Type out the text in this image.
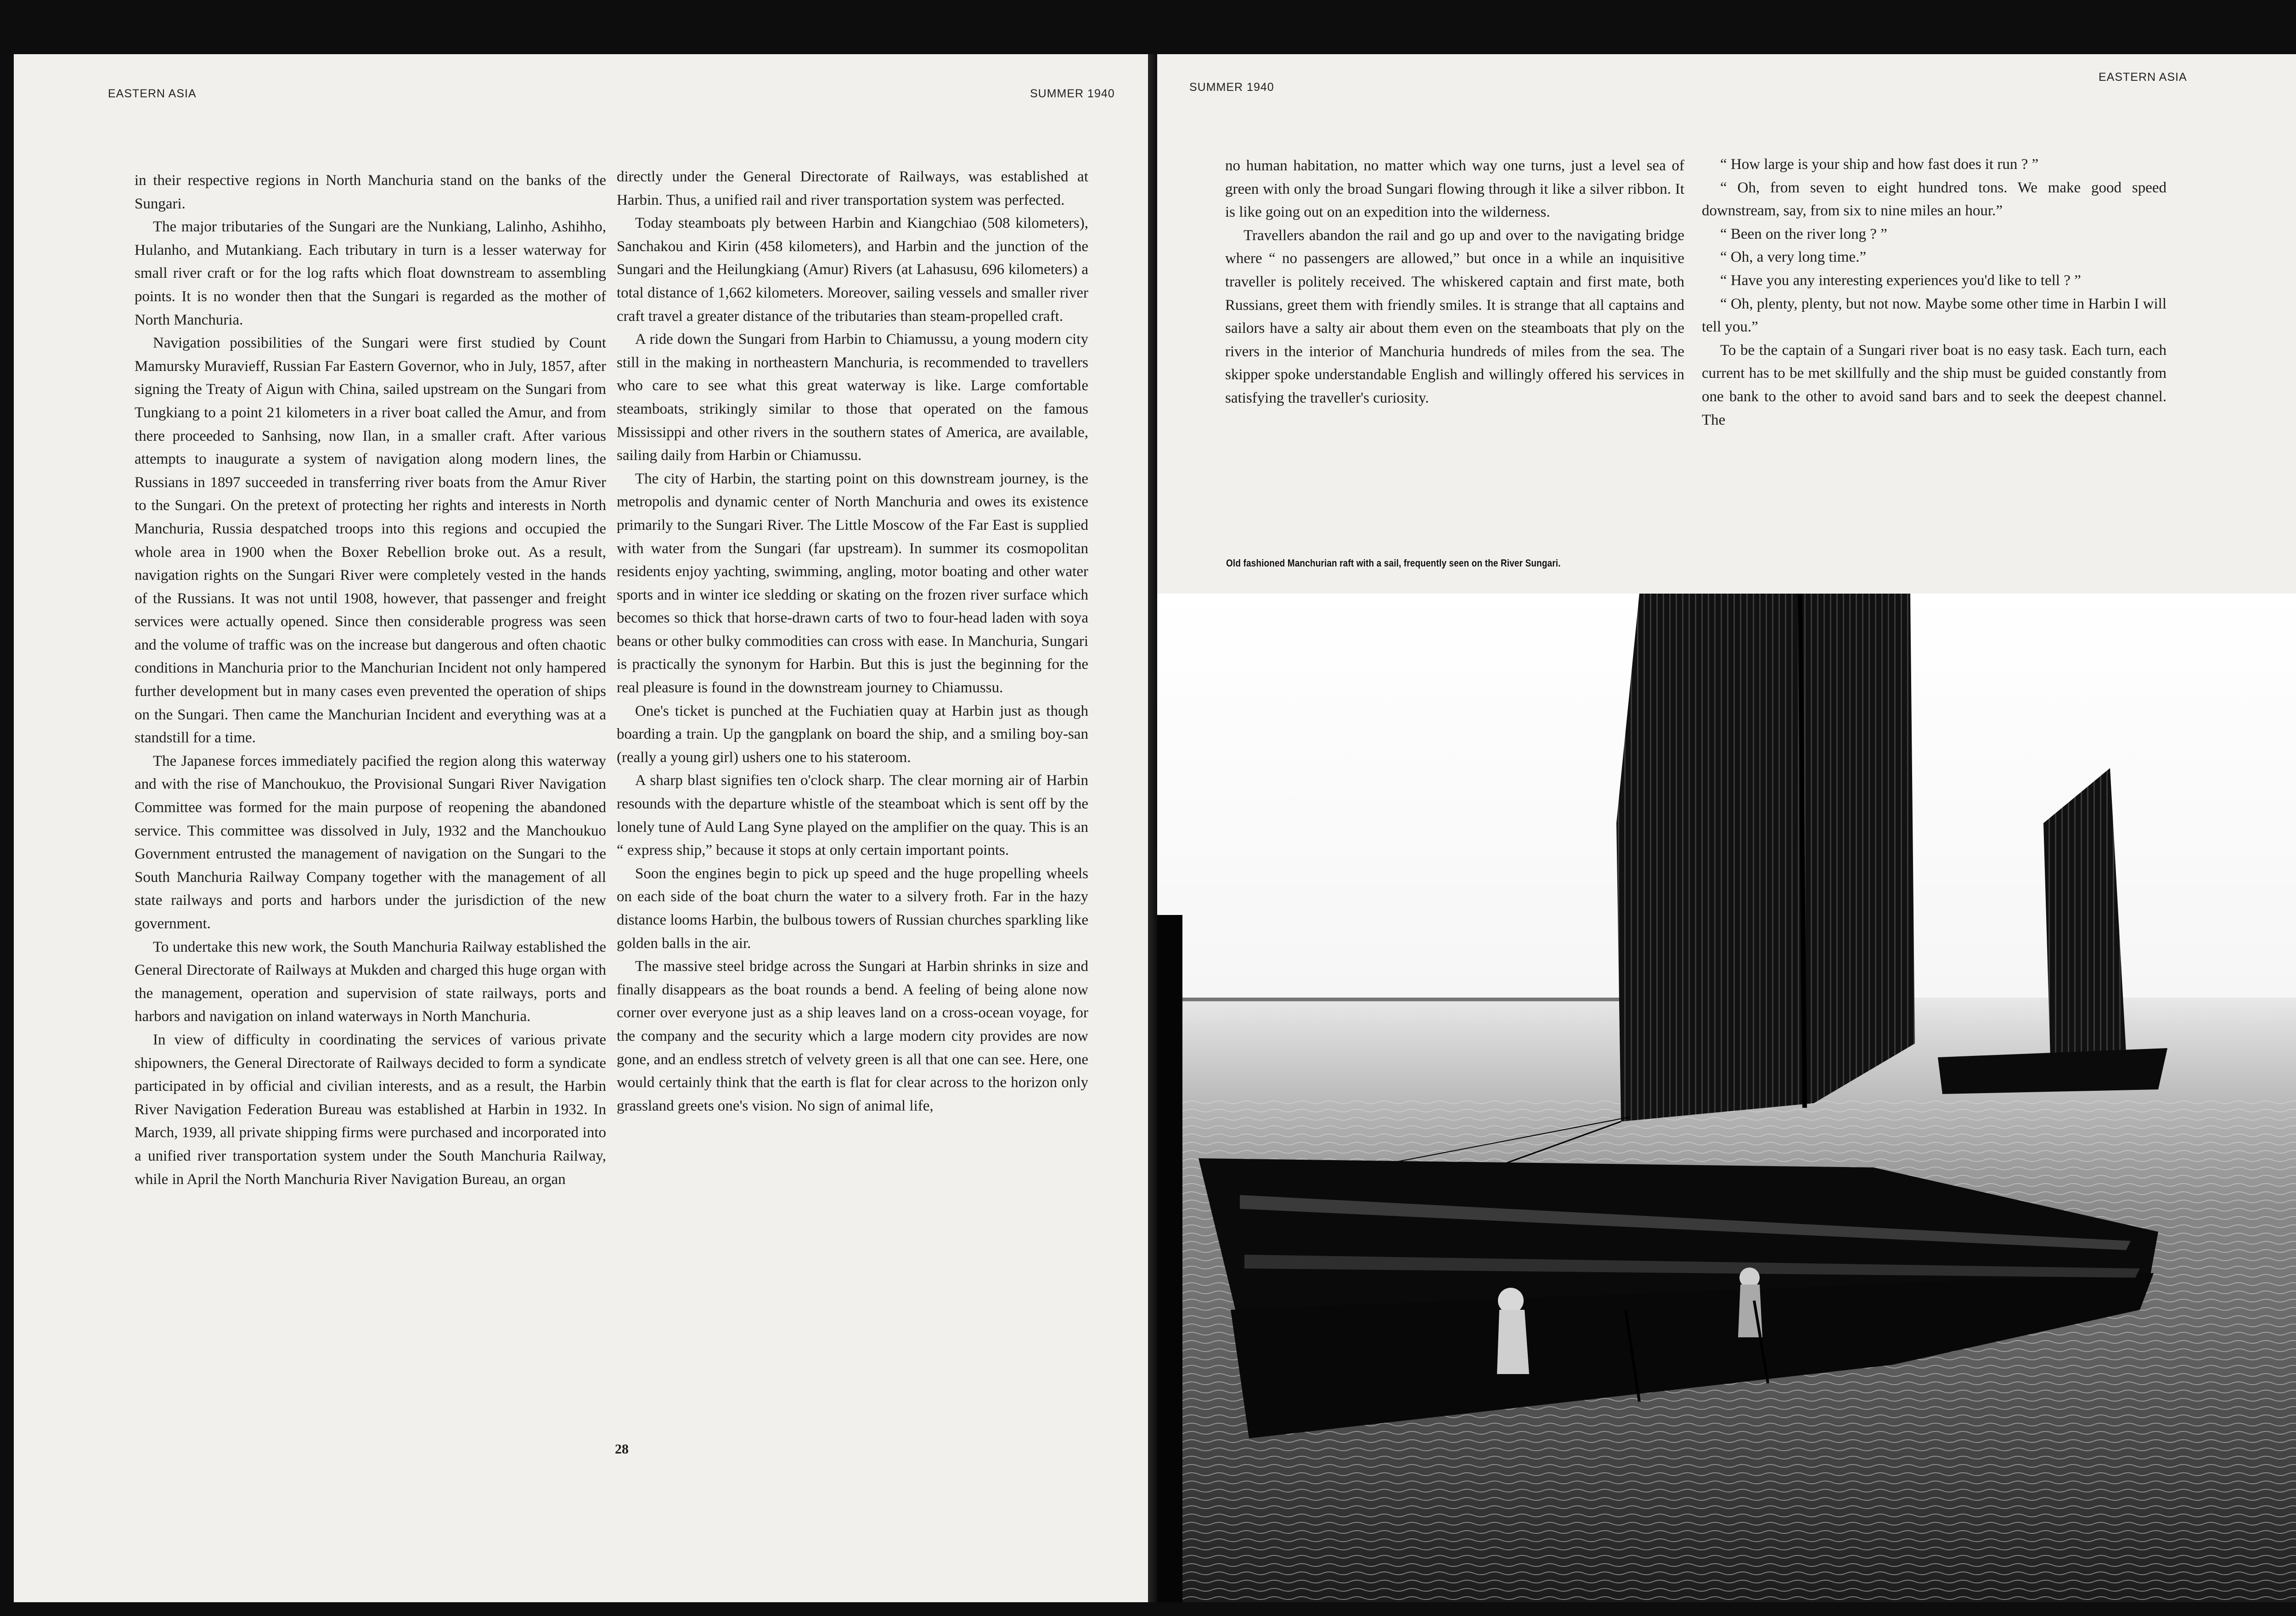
EASTERN ASIA	SUMMER 1940

in their respective regions in North Manchuria stand on the banks of the Sungari.

The major tributaries of the Sungari are the Nunkiang, Lalinho, Ashihho, Hulanho, and Mutankiang. Each tributary in turn is a lesser waterway for small river craft or for the log rafts which float downstream to assembling points. It is no wonder then that the Sungari is regarded as the mother of North Manchuria.

Navigation possibilities of the Sungari were first studied by Count Mamursky Muravieff, Russian Far Eastern Governor, who in July, 1857, after signing the Treaty of Aigun with China, sailed upstream on the Sungari from Tungkiang to a point 21 kilometers in a river boat called the Amur, and from there proceeded to Sanhsing, now Ilan, in a smaller craft. After various attempts to inaugurate a system of navigation along modern lines, the Russians in 1897 succeeded in transferring river boats from the Amur River to the Sungari. On the pretext of protecting her rights and interests in North Manchuria, Russia despatched troops into this regions and occupied the whole area in 1900 when the Boxer Rebellion broke out. As a result, navigation rights on the Sungari River were completely vested in the hands of the Russians. It was not until 1908, however, that passenger and freight services were actually opened. Since then considerable progress was seen and the volume of traffic was on the increase but dangerous and often chaotic conditions in Manchuria prior to the Manchurian Incident not only hampered further development but in many cases even prevented the operation of ships on the Sungari. Then came the Manchurian Incident and everything was at a standstill for a time.

The Japanese forces immediately pacified the region along this waterway and with the rise of Manchoukuo, the Provisional Sungari River Navigation Committee was formed for the main purpose of reopening the abandoned service. This committee was dissolved in July, 1932 and the Manchoukuo Government entrusted the management of navigation on the Sungari to the South Manchuria Railway Company together with the management of all state railways and ports and harbors under the jurisdiction of the new government.

To undertake this new work, the South Manchuria Railway established the General Directorate of Railways at Mukden and charged this huge organ with the management, operation and supervision of state railways, ports and harbors and navigation on inland waterways in North Manchuria.

In view of difficulty in coordinating the services of various private shipowners, the General Directorate of Railways decided to form a syndicate participated in by official and civilian interests, and as a result, the Harbin River Navigation Federation Bureau was established at Harbin in 1932. In March, 1939, all private shipping firms were purchased and incorporated into a unified river transportation system under the South Manchuria Railway, while in April the North Manchuria River Navigation Bureau, an organ

directly under the General Directorate of Railways, was established at Harbin. Thus, a unified rail and river transportation system was perfected.

Today steamboats ply between Harbin and Kiangchiao (508 kilometers), Sanchakou and Kirin (458 kilometers), and Harbin and the junction of the Sungari and the Heilungkiang (Amur) Rivers (at Lahasusu, 696 kilometers) a total distance of 1,662 kilometers. Moreover, sailing vessels and smaller river craft travel a greater distance of the tributaries than steam-propelled craft.

A ride down the Sungari from Harbin to Chiamussu, a young modern city still in the making in northeastern Manchuria, is recommended to travellers who care to see what this great waterway is like. Large comfortable steamboats, strikingly similar to those that operated on the famous Mississippi and other rivers in the southern states of America, are available, sailing daily from Harbin or Chiamussu.

The city of Harbin, the starting point on this downstream journey, is the metropolis and dynamic center of North Manchuria and owes its existence primarily to the Sungari River. The Little Moscow of the Far East is supplied with water from the Sungari (far upstream). In summer its cosmopolitan residents enjoy yachting, swimming, angling, motor boating and other water sports and in winter ice sledding or skating on the frozen river surface which becomes so thick that horse-drawn carts of two to four-head laden with soya beans or other bulky commodities can cross with ease. In Manchuria, Sungari is practically the synonym for Harbin. But this is just the beginning for the real pleasure is found in the downstream journey to Chiamussu.

One's ticket is punched at the Fuchiatien quay at Harbin just as though boarding a train. Up the gangplank on board the ship, and a smiling boy-san (really a young girl) ushers one to his stateroom.

A sharp blast signifies ten o'clock sharp. The clear morning air of Harbin resounds with the departure whistle of the steamboat which is sent off by the lonely tune of Auld Lang Syne played on the amplifier on the quay. This is an “ express ship,” because it stops at only certain important points.

Soon the engines begin to pick up speed and the huge propelling wheels on each side of the boat churn the water to a silvery froth. Far in the hazy distance looms Harbin, the bulbous towers of Russian churches sparkling like golden balls in the air.

The massive steel bridge across the Sungari at Harbin shrinks in size and finally disappears as the boat rounds a bend. A feeling of being alone now corner over everyone just as a ship leaves land on a cross-ocean voyage, for the company and the security which a large modern city provides are now gone, and an endless stretch of velvety green is all that one can see. Here, one would certainly think that the earth is flat for clear across to the horizon only grassland greets one's vision. No sign of animal life,

28
SUMMER 1940
EASTERN ASIA

no human habitation, no matter which way one turns, just a level sea of green with only the broad Sungari flowing through it like a silver ribbon. It is like going out on an expedition into the wilderness.

Travellers abandon the rail and go up and over to the navigating bridge where “ no passengers are allowed,” but once in a while an inquisitive traveller is politely received. The whiskered captain and first mate, both Russians, greet them with friendly smiles. It is strange that all captains and sailors have a salty air about them even on the steamboats that ply on the rivers in the interior of Manchuria hundreds of miles from the sea. The skipper spoke understandable English and willingly offered his services in satisfying the traveller's curiosity.

“ How large is your ship and how fast does it run ? ”

“ Oh, from seven to eight hundred tons. We make good speed downstream, say, from six to nine miles an hour.”

“ Been on the river long ? ”

“ Oh, a very long time.”

“ Have you any interesting experiences you'd like to tell ? ”

“ Oh, plenty, plenty, but not now. Maybe some other time in Harbin I will tell you.”

To be the captain of a Sungari river boat is no easy task. Each turn, each current has to be met skillfully and the ship must be guided constantly from one bank to the other to avoid sand bars and to seek the deepest channel. The

Old fashioned Manchurian raft with a sail, frequently seen on the River Sungari.
